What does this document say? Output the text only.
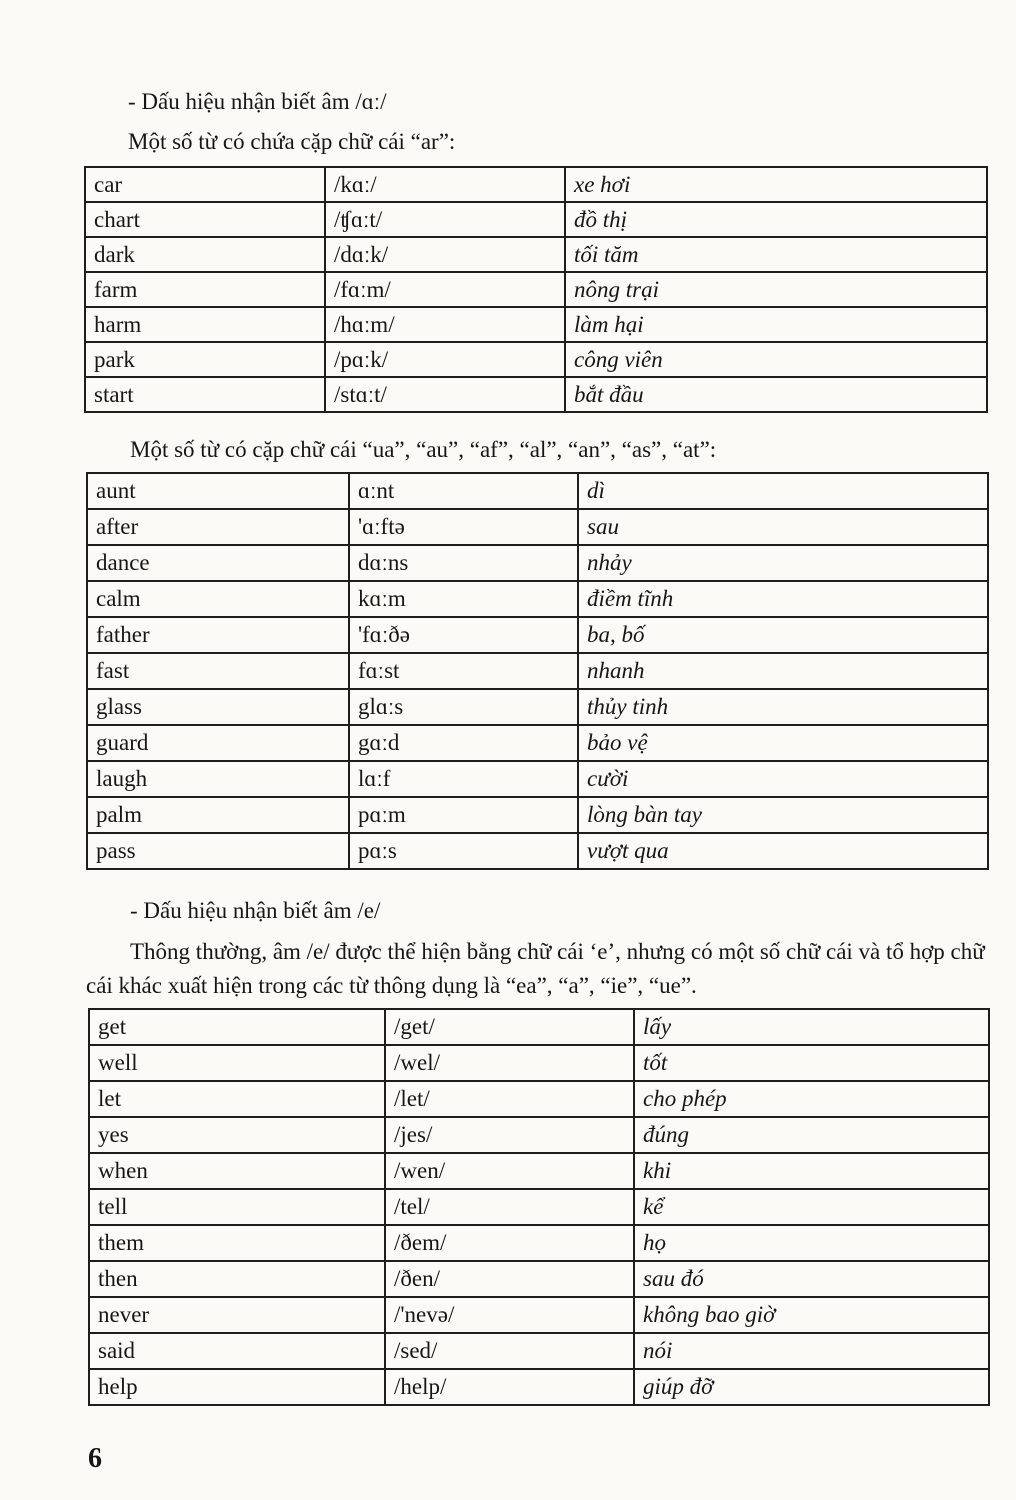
- Dấu hiệu nhận biết âm /ɑː/
Một số từ có chứa cặp chữ cái “ar”:
car	/kɑː/	xe hơi
chart	/ʧɑːt/	đồ thị
dark	/dɑːk/	tối tăm
farm	/fɑːm/	nông trại
harm	/hɑːm/	làm hại
park	/pɑːk/	công viên
start	/stɑːt/	bắt đầu
Một số từ có cặp chữ cái “ua”, “au”, “af”, “al”, “an”, “as”, “at”:
aunt	ɑːnt	dì
after	'ɑːftə	sau
dance	dɑːns	nhảy
calm	kɑːm	điềm tĩnh
father	'fɑːðə	ba, bố
fast	fɑːst	nhanh
glass	glɑːs	thủy tinh
guard	gɑːd	bảo vệ
laugh	lɑːf	cười
palm	pɑːm	lòng bàn tay
pass	pɑːs	vượt qua
- Dấu hiệu nhận biết âm /e/
Thông thường, âm /e/ được thể hiện bằng chữ cái ‘e’, nhưng có một số chữ cái và tổ hợp chữ cái khác xuất hiện trong các từ thông dụng là “ea”, “a”, “ie”, “ue”.
get	/get/	lấy
well	/wel/	tốt
let	/let/	cho phép
yes	/jes/	đúng
when	/wen/	khi
tell	/tel/	kể
them	/ðem/	họ
then	/ðen/	sau đó
never	/'nevə/	không bao giờ
said	/sed/	nói
help	/help/	giúp đỡ
6
